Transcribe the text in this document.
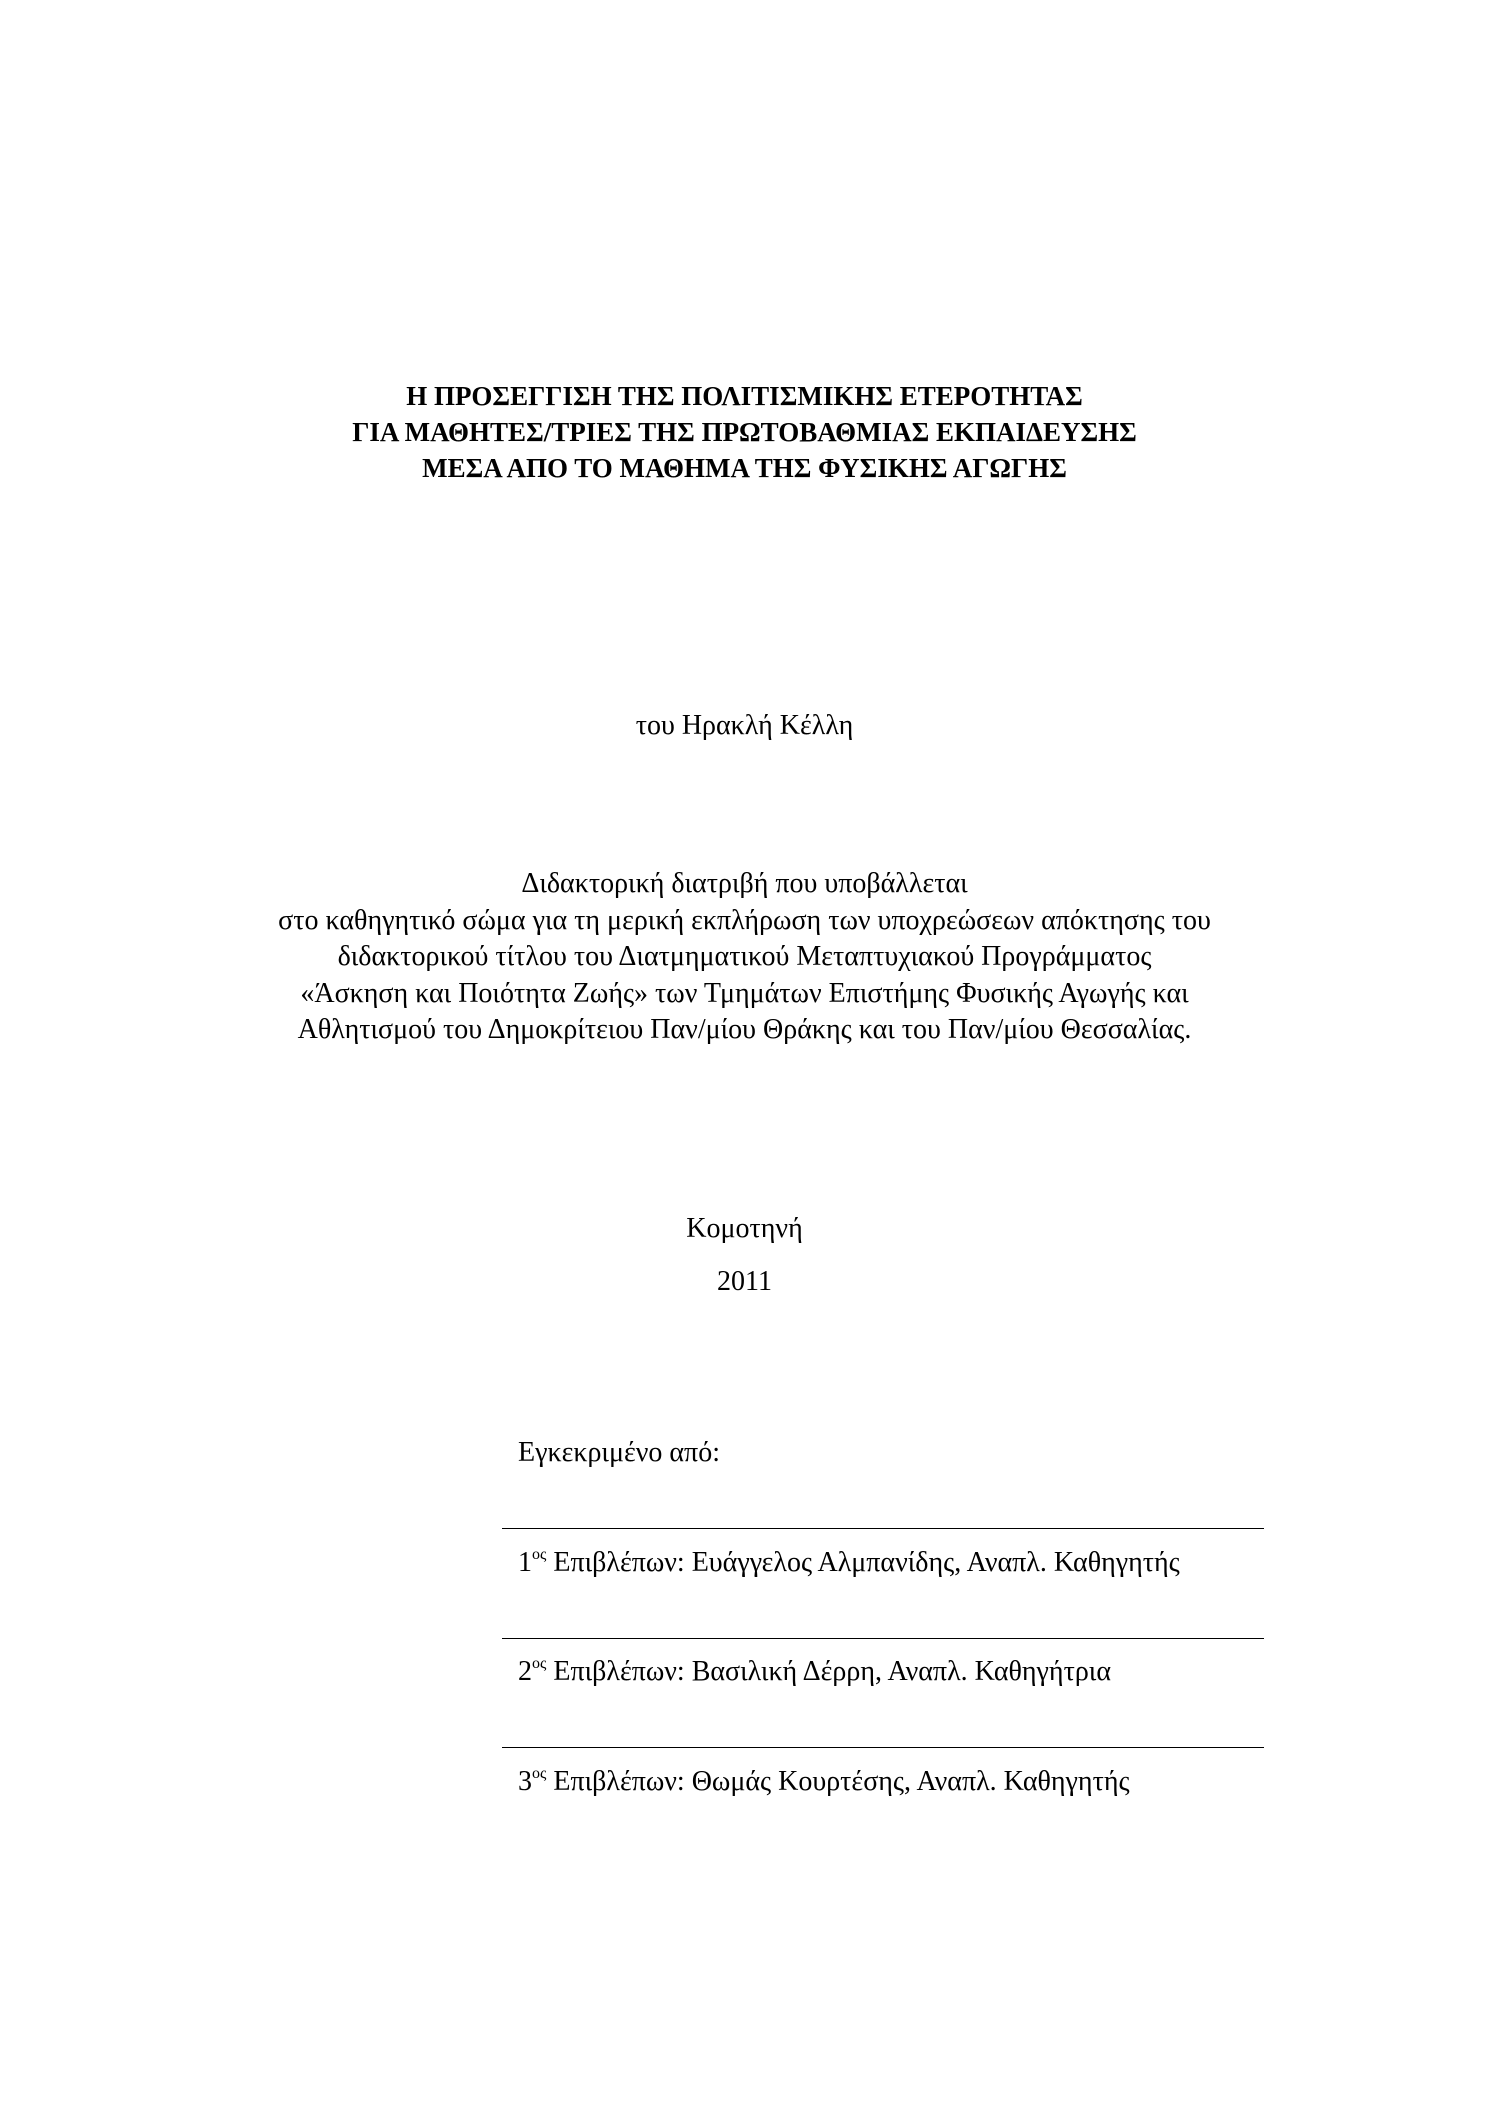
Η ΠΡΟΣΕΓΓΙΣΗ ΤΗΣ ΠΟΛΙΤΙΣΜΙΚΗΣ ΕΤΕΡΟΤΗΤΑΣ
ΓΙΑ ΜΑΘΗΤΕΣ/ΤΡΙΕΣ ΤΗΣ ΠΡΩΤΟΒΑΘΜΙΑΣ ΕΚΠΑΙΔΕΥΣΗΣ
ΜΕΣΑ ΑΠΟ ΤΟ ΜΑΘΗΜΑ ΤΗΣ ΦΥΣΙΚΗΣ ΑΓΩΓΗΣ
του Ηρακλή Κέλλη
Διδακτορική διατριβή που υποβάλλεται
στο καθηγητικό σώμα για τη μερική εκπλήρωση των υποχρεώσεων απόκτησης του
διδακτορικού τίτλου του Διατμηματικού Μεταπτυχιακού Προγράμματος
«Άσκηση και Ποιότητα Ζωής» των Τμημάτων Επιστήμης Φυσικής Αγωγής και
Αθλητισμού του Δημοκρίτειου Παν/μίου Θράκης και του Παν/μίου Θεσσαλίας.
Κομοτηνή
2011
Εγκεκριμένο από:
$1^{o\varsigma}$ Επιβλέπων: Ευάγγελος Αλμπανίδης, Αναπλ. Καθηγητής
$2^{o\varsigma}$ Επιβλέπων: Βασιλική Δέρρη, Αναπλ. Καθηγήτρια
$3^{o\varsigma}$ Επιβλέπων: Θωμάς Κουρτέσης, Αναπλ. Καθηγητής
